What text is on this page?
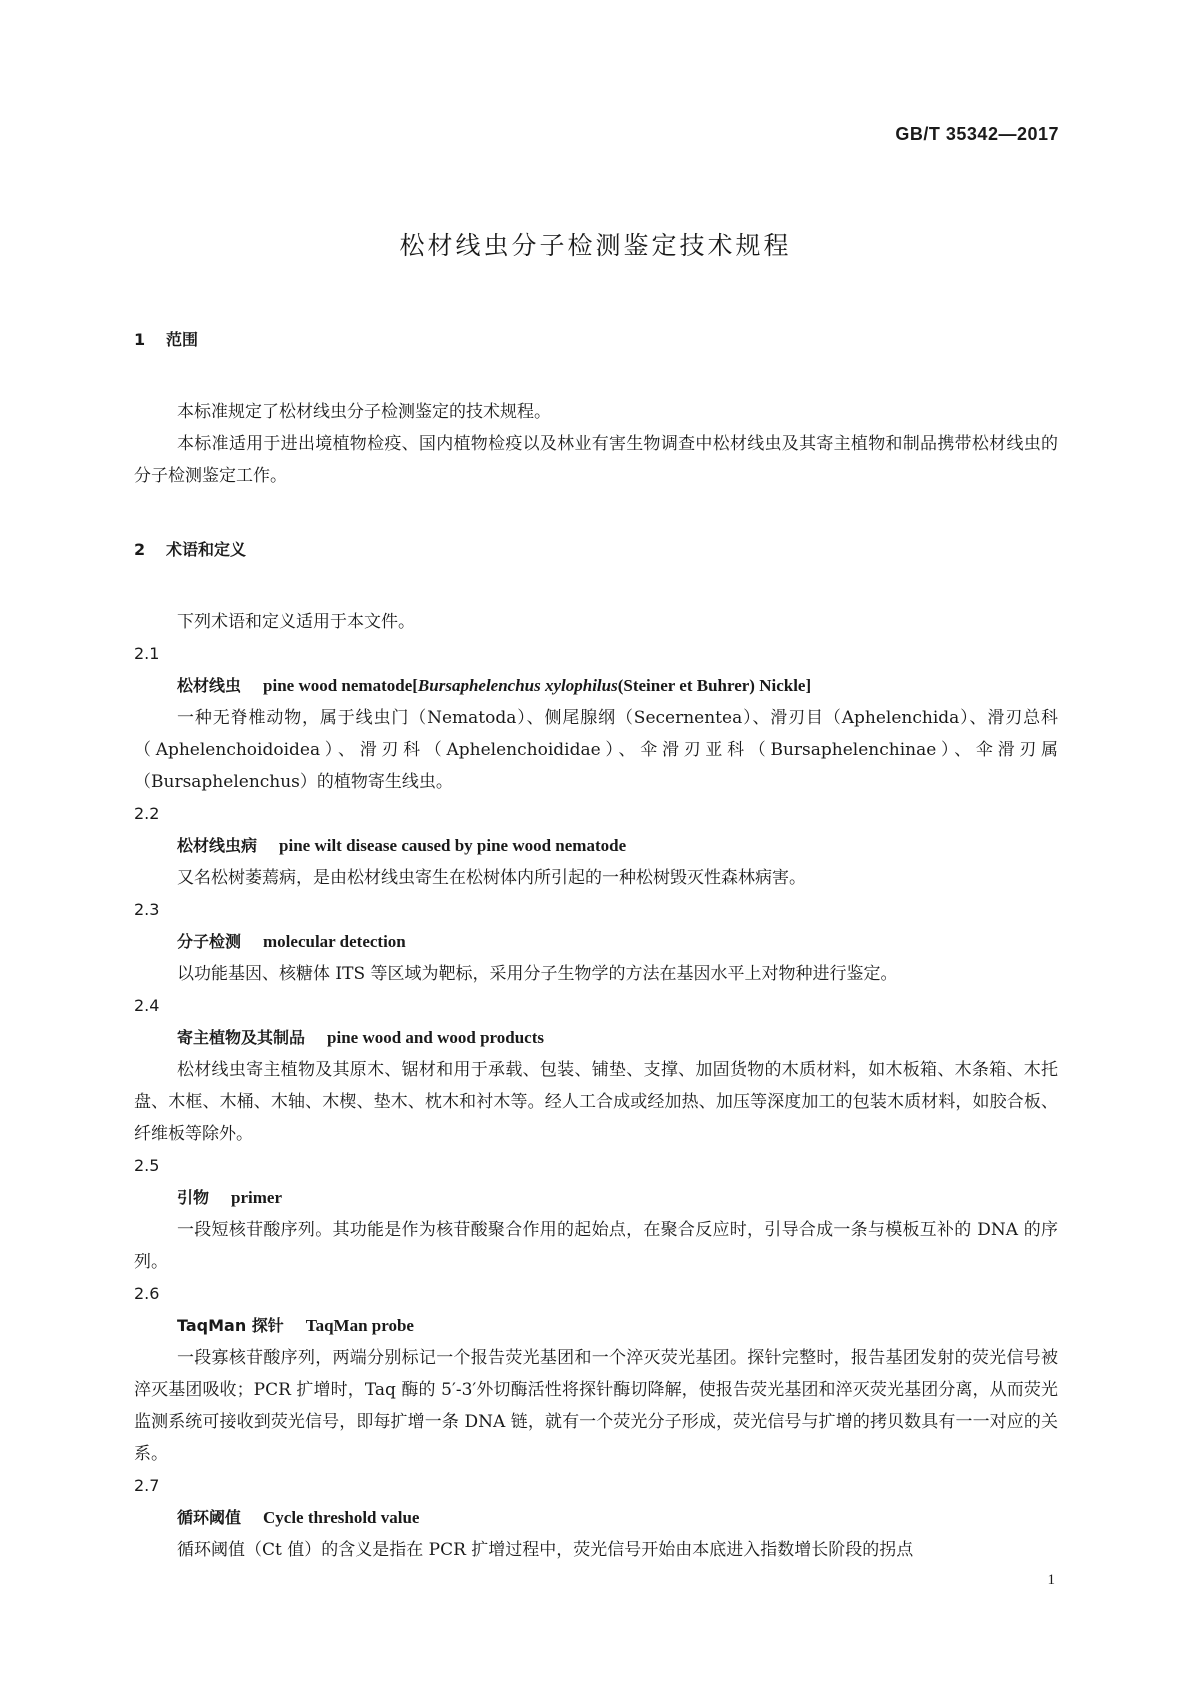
GB/T 35342—2017
松材线虫分子检测鉴定技术规程
1 范围

本标准规定了松材线虫分子检测鉴定的技术规程。

本标准适用于进出境植物检疫、国内植物检疫以及林业有害生物调查中松材线虫及其寄主植物和制品携带松材线虫的分子检测鉴定工作。

2 术语和定义

下列术语和定义适用于本文件。

2.1
松材线虫 pine wood nematode[Bursaphelenchus xylophilus(Steiner et Buhrer) Nickle]

一种无脊椎动物，属于线虫门（Nematoda）、侧尾腺纲（Secernentea）、滑刃目（Aphelenchida）、滑刃总科（Aphelenchoidoidea）、滑刃科（Aphelenchoididae）、伞滑刃亚科（Bursaphelenchinae）、伞滑刃属（Bursaphelenchus）的植物寄生线虫。

2.2
松材线虫病 pine wilt disease caused by pine wood nematode

又名松树萎蔫病，是由松材线虫寄生在松树体内所引起的一种松树毁灭性森林病害。

2.3
分子检测 molecular detection

以功能基因、核糖体 ITS 等区域为靶标，采用分子生物学的方法在基因水平上对物种进行鉴定。

2.4
寄主植物及其制品 pine wood and wood products

松材线虫寄主植物及其原木、锯材和用于承载、包装、铺垫、支撑、加固货物的木质材料，如木板箱、木条箱、木托盘、木框、木桶、木轴、木楔、垫木、枕木和衬木等。经人工合成或经加热、加压等深度加工的包装木质材料，如胶合板、纤维板等除外。

2.5
引物 primer

一段短核苷酸序列。其功能是作为核苷酸聚合作用的起始点，在聚合反应时，引导合成一条与模板互补的 DNA 的序列。

2.6
TaqMan 探针 TaqMan probe

一段寡核苷酸序列，两端分别标记一个报告荧光基团和一个淬灭荧光基团。探针完整时，报告基团发射的荧光信号被淬灭基团吸收；PCR 扩增时，Taq 酶的 5′-3′外切酶活性将探针酶切降解，使报告荧光基团和淬灭荧光基团分离，从而荧光监测系统可接收到荧光信号，即每扩增一条 DNA 链，就有一个荧光分子形成，荧光信号与扩增的拷贝数具有一一对应的关系。

2.7
循环阈值 Cycle threshold value

循环阈值（Ct 值）的含义是指在 PCR 扩增过程中，荧光信号开始由本底进入指数增长阶段的拐点

1
